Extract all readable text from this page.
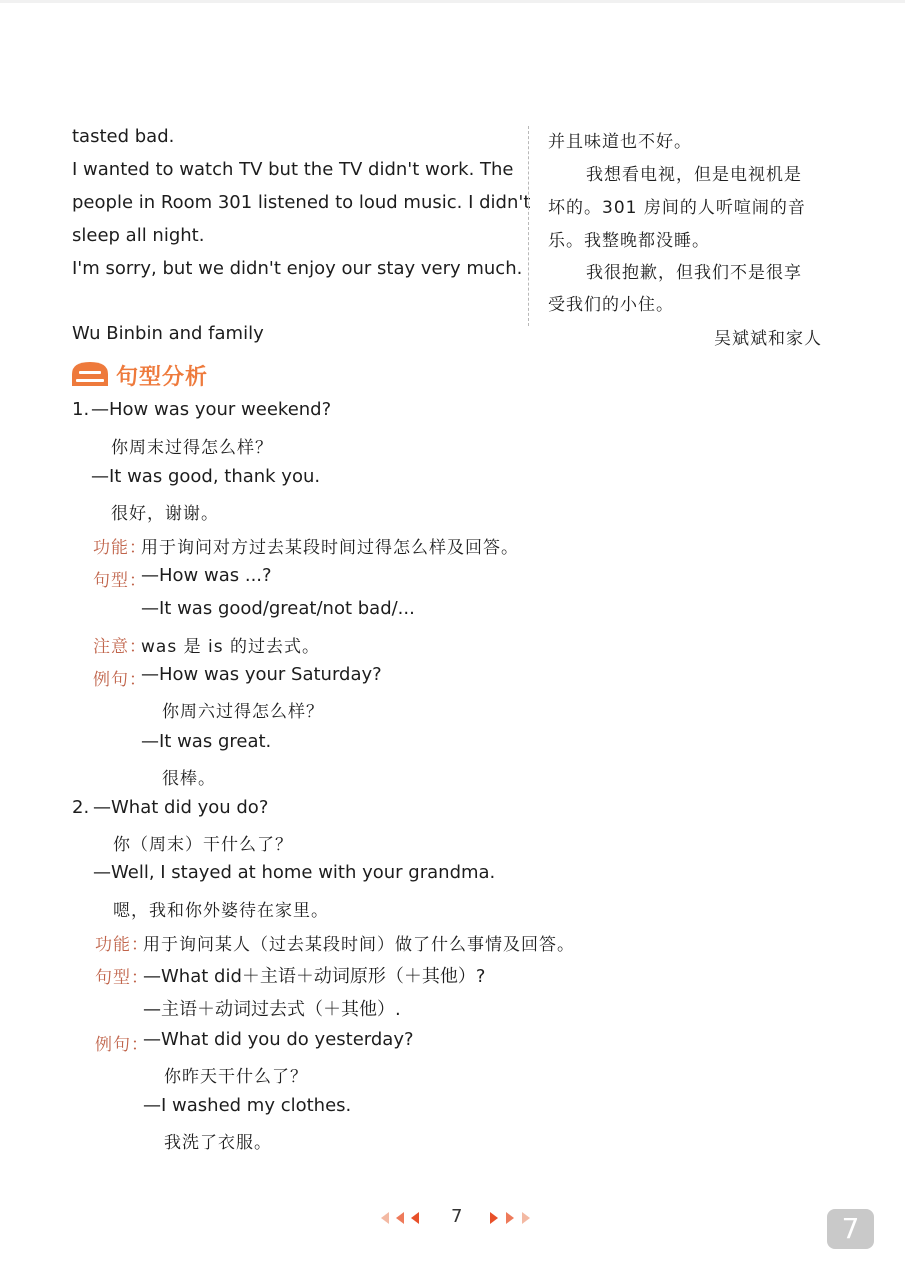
tasted bad.
I wanted to watch TV but the TV didn't work. The
people in Room 301 listened to loud music. I didn't
sleep all night.
I'm sorry, but we didn't enjoy our stay very much.
Wu Binbin and family
并且味道也不好。
我想看电视，但是电视机是
坏的。301 房间的人听喧闹的音
乐。我整晚都没睡。
我很抱歉，但我们不是很享
受我们的小住。
吴斌斌和家人
句型分析
1. —How was your weekend?
你周末过得怎么样？
—It was good, thank you.
很好，谢谢。
功能：
用于询问对方过去某段时间过得怎么样及回答。
句型：
—How was ...?
—It was good/great/not bad/...
注意：
was 是 is 的过去式。
例句：
—How was your Saturday?
你周六过得怎么样？
—It was great.
很棒。
2. —What did you do?
你（周末）干什么了？
—Well, I stayed at home with your grandma.
嗯，我和你外婆待在家里。
功能：
用于询问某人（过去某段时间）做了什么事情及回答。
句型：
—What did＋主语＋动词原形（＋其他）?
—主语＋动词过去式（＋其他）.
例句：
—What did you do yesterday?
你昨天干什么了？
—I washed my clothes.
我洗了衣服。
7	7
